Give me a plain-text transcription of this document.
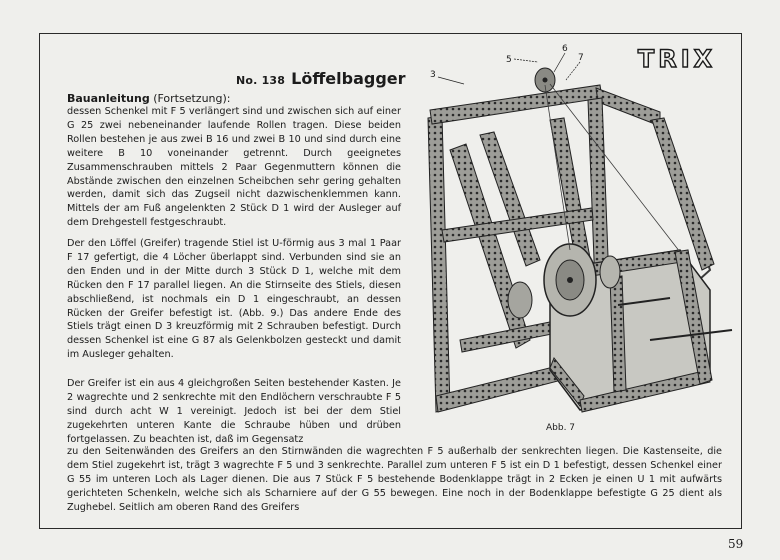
No. 138 Löffelbagger
TRIX
Bauanleitung (Fortsetzung):

dessen Schenkel mit F 5 verlängert sind und zwischen sich auf einer G 25 zwei nebeneinander laufende Rollen tragen. Diese beiden Rollen bestehen je aus zwei B 16 und zwei B 10 und sind durch eine weitere B 10 voneinander getrennt. Durch geeignetes Zusammenschrauben mittels 2 Paar Gegenmuttern können die Abstände zwischen den einzelnen Scheibchen sehr gering gehalten werden, damit sich das Zugseil nicht dazwischenklemmen kann. Mittels der am Fuß angelenkten 2 Stück D 1 wird der Ausleger auf dem Drehgestell festgeschraubt.

Der den Löffel (Greifer) tragende Stiel ist U-förmig aus 3 mal 1 Paar F 17 gefertigt, die 4 Löcher überlappt sind. Verbunden sind sie an den Enden und in der Mitte durch 3 Stück D 1, welche mit dem Rücken den F 17 parallel liegen. An die Stirnseite des Stiels, diesen abschließend, ist nochmals ein D 1 eingeschraubt, an dessen Rücken der Greifer befestigt ist. (Abb. 9.) Das andere Ende des Stiels trägt einen D 3 kreuzförmig mit 2 Schrauben befestigt. Durch dessen Schenkel ist eine G 87 als Gelenkbolzen gesteckt und damit im Ausleger gehalten.

Der Greifer ist ein aus 4 gleichgroßen Seiten bestehender Kasten. Je 2 wagrechte und 2 senkrechte mit den Endlöchern verschraubte F 5 sind durch acht W 1 vereinigt. Jedoch ist bei der dem Stiel zugekehrten unteren Kante die Schraube hüben und drüben fortgelassen. Zu beachten ist, daß im Gegensatz

zu den Seitenwänden des Greifers an den Stirnwänden die wagrechten F 5 außerhalb der senkrechten liegen. Die Kastenseite, die dem Stiel zugekehrt ist, trägt 3 wagrechte F 5 und 3 senkrechte. Parallel zum unteren F 5 ist ein D 1 befestigt, dessen Schenkel einer G 55 im unteren Loch als Lager dienen. Die aus 7 Stück F 5 bestehende Bodenklappe trägt in 2 Ecken je einen U 1 mit aufwärts gerichteten Schenkeln, welche sich als Scharniere auf der G 55 bewegen. Eine noch in der Bodenklappe befestigte G 25 dient als Zughebel. Seitlich am oberen Rand des Greifers

3
5
6
7
Abb. 7
59
